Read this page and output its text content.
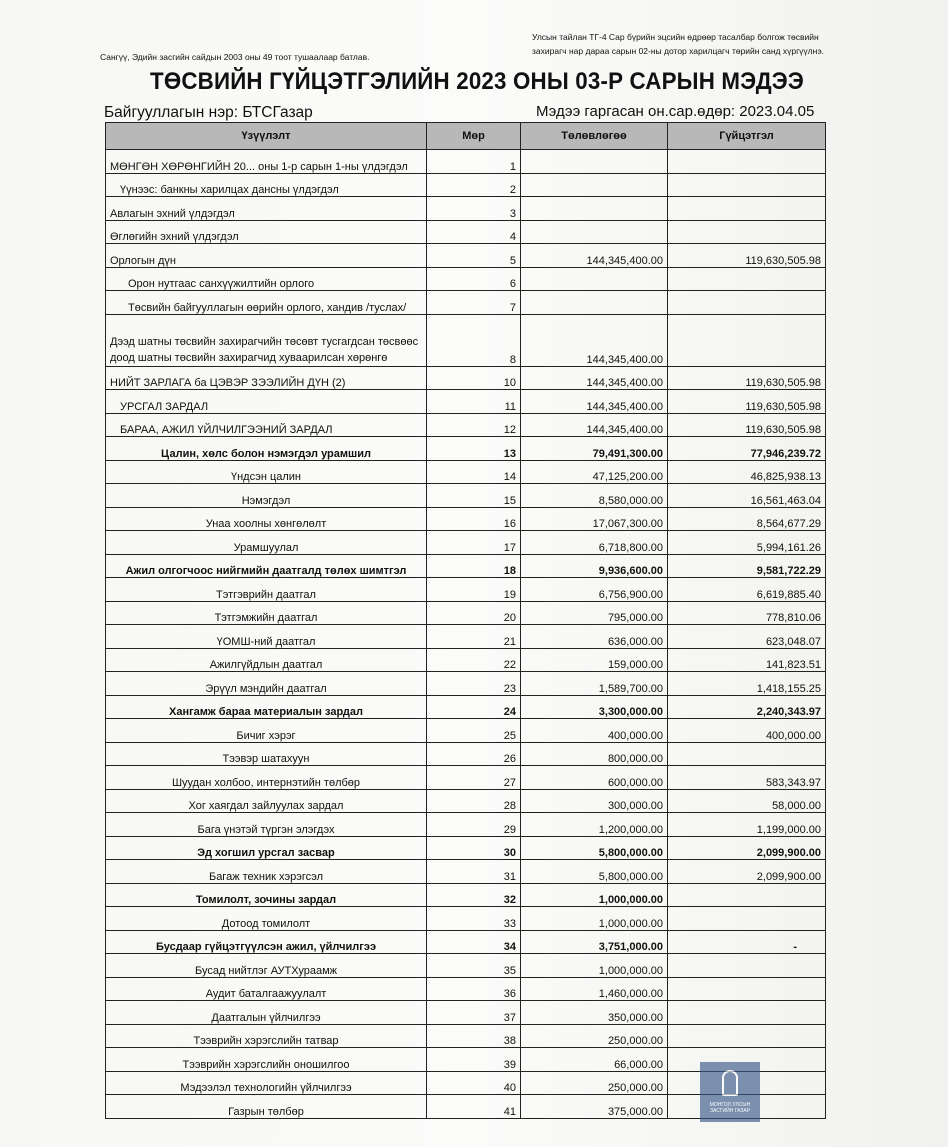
Сангүү, Эдийн засгийн сайдын 2003 оны 49 тоот тушаалаар батлав.
Улсын тайлан ТГ-4 Сар бүрийн эцсийн өдрөөр тасалбар болгож төсвийн захирагч нар дараа сарын 02-ны дотор харилцагч төрийн санд хүргүүлнэ.
ТӨСВИЙН ГҮЙЦЭТГЭЛИЙН 2023 ОНЫ 03-Р САРЫН МЭДЭЭ
Байгууллагын нэр: БТСГазар	Мэдээ гаргасан он.сар.өдөр: 2023.04.05
Үзүүлэлт	Мөр	Төлөвлөгөө	Гүйцэтгэл
МӨНГӨН ХӨРӨНГИЙН 20... оны 1-р сарын 1-ны үлдэгдэл	1		
Үүнээс: банкны харилцах дансны үлдэгдэл	2		
Авлагын эхний үлдэгдэл	3		
Өглөгийн эхний үлдэгдэл	4		
Орлогын дүн	5	144,345,400.00	119,630,505.98
Орон нутгаас санхүүжилтийн орлого	6		
Төсвийн байгууллагын өөрийн орлого, хандив /туслах/	7		
Дээд шатны төсвийн захирагчийн төсөвт тусгагдсан төсвөөс доод шатны төсвийн захирагчид хуваарилсан хөрөнгө	8	144,345,400.00	
НИЙТ ЗАРЛАГА ба ЦЭВЭР ЗЭЭЛИЙН ДҮН (2)	10	144,345,400.00	119,630,505.98
УРСГАЛ ЗАРДАЛ	11	144,345,400.00	119,630,505.98
БАРАА, АЖИЛ ҮЙЛЧИЛГЭЭНИЙ ЗАРДАЛ	12	144,345,400.00	119,630,505.98
Цалин, хөлс болон нэмэгдэл урамшил	13	79,491,300.00	77,946,239.72
Үндсэн цалин	14	47,125,200.00	46,825,938.13
Нэмэгдэл	15	8,580,000.00	16,561,463.04
Унаа хоолны хөнгөлөлт	16	17,067,300.00	8,564,677.29
Урамшуулал	17	6,718,800.00	5,994,161.26
Ажил олгогчоос нийгмийн даатгалд төлөх шимтгэл	18	9,936,600.00	9,581,722.29
Тэтгэврийн даатгал	19	6,756,900.00	6,619,885.40
Тэтгэмжийн даатгал	20	795,000.00	778,810.06
ҮОМШ-ний даатгал	21	636,000.00	623,048.07
Ажилгүйдлын даатгал	22	159,000.00	141,823.51
Эрүүл мэндийн даатгал	23	1,589,700.00	1,418,155.25
Хангамж бараа материалын зардал	24	3,300,000.00	2,240,343.97
Бичиг хэрэг	25	400,000.00	400,000.00
Тээвэр шатахуун	26	800,000.00	
Шуудан холбоо, интернэтийн төлбөр	27	600,000.00	583,343.97
Хог хаягдал зайлуулах зардал	28	300,000.00	58,000.00
Бага үнэтэй түргэн элэгдэх	29	1,200,000.00	1,199,000.00
Эд хогшил урсгал засвар	30	5,800,000.00	2,099,900.00
Багаж техник хэрэгсэл	31	5,800,000.00	2,099,900.00
Томилолт, зочины зардал	32	1,000,000.00	
Дотоод томилолт	33	1,000,000.00	
Бусдаар гүйцэтгүүлсэн ажил, үйлчилгээ	34	3,751,000.00	-
Бусад нийтлэг АУТХураамж	35	1,000,000.00	
Аудит баталгаажуулалт	36	1,460,000.00	
Даатгалын үйлчилгээ	37	350,000.00	
Тээврийн хэрэгслийн татвар	38	250,000.00	
Тээврийн хэрэгслийн оношилгоо	39	66,000.00	
Мэдээлэл технологийн үйлчилгээ	40	250,000.00	
Газрын төлбөр	41	375,000.00	
МОНГОЛ УЛСЫН ЗАСГИЙН ГАЗАР
